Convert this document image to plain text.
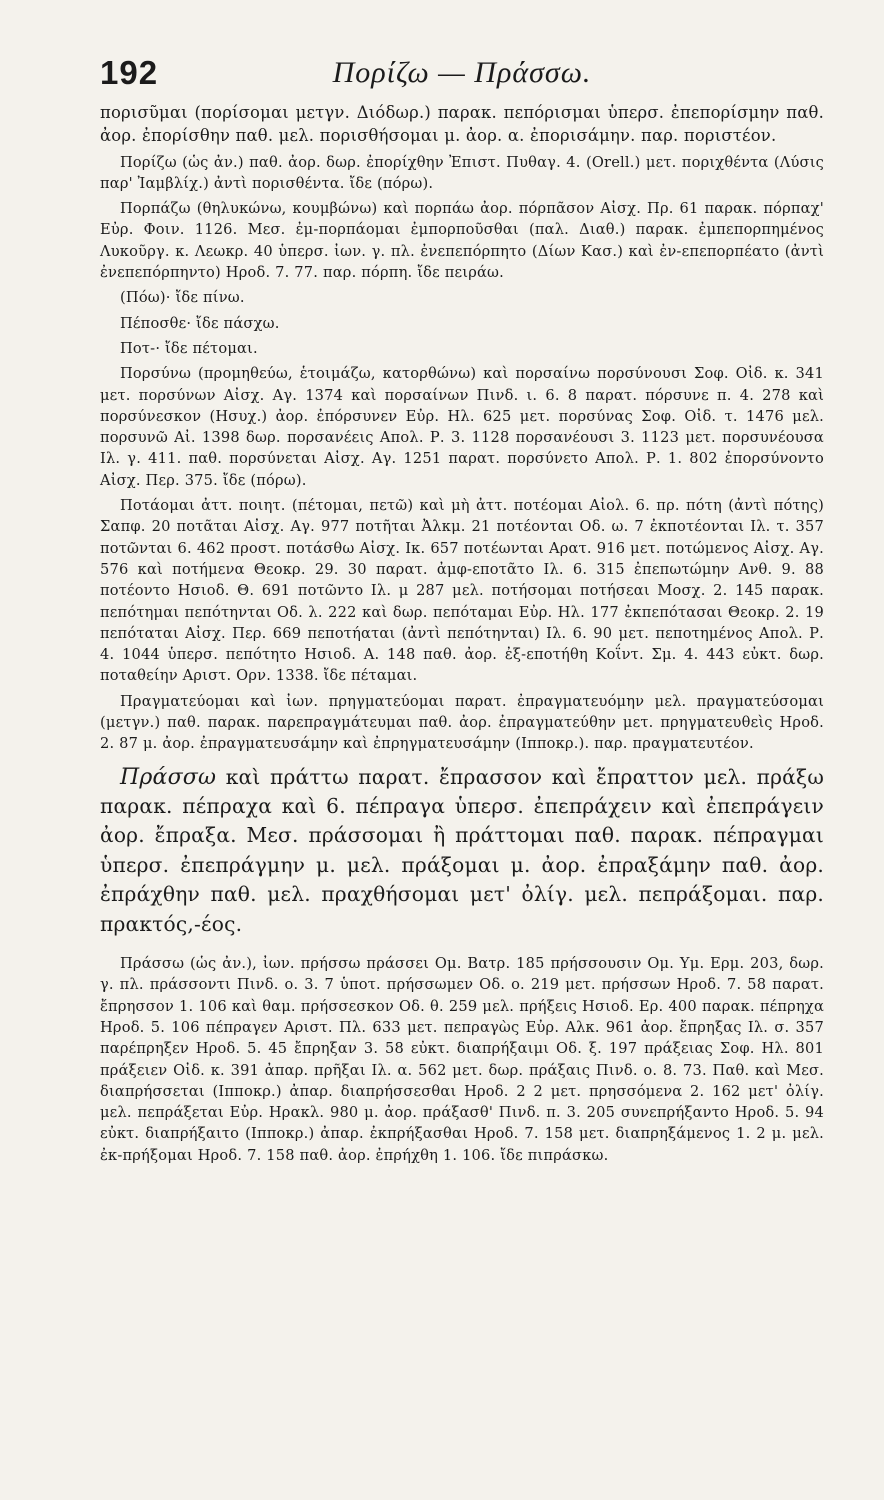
192	Πορίζω — Πράσσω.

πορισῦμαι (πορίσομαι μετγν. Διόδωρ.) παρακ. πεπόρισμαι ὑπερσ. ἐπεπορίσμην παθ. ἀορ. ἐπορίσθην παθ. μελ. πορισθήσομαι μ. ἀορ. α. ἐπορισάμην. παρ. ποριστέον.

Πορίζω (ὡς ἀν.) παθ. ἀορ. δωρ. ἐπορίχθην Ἐπιστ. Πυθαγ. 4. (Orell.) μετ. ποριχθέντα (Λύσις παρ' Ἰαμβλίχ.) ἀντὶ πορισθέντα. ἴδε (πόρω).

Πορπάζω (θηλυκώνω, κουμβώνω) καὶ πορπάω ἀορ. πόρπᾶσον Αἰσχ. Πρ. 61 παρακ. πόρπαχ' Εὐρ. Φοιν. 1126. Μεσ. ἐμ-πορπάομαι ἐμπορποῦσθαι (παλ. Διαθ.) παρακ. ἐμπεπορπημένος Λυκοῦργ. κ. Λεωκρ. 40 ὑπερσ. ἰων. γ. πλ. ἐνεπεπόρπητο (Δίων Κασ.) καὶ ἐν-επεπορπέατο (ἀντὶ ἐνεπεπόρπηντο) Ηροδ. 7. 77. παρ. πόρπη. ἴδε πειράω.

(Πόω)· ἴδε πίνω.

Πέποσθε· ἴδε πάσχω.

Ποτ-· ἴδε πέτομαι.

Πορσύνω (προμηθεύω, ἑτοιμάζω, κατορθώνω) καὶ πορσαίνω πορσύνουσι Σοφ. Οἰδ. κ. 341 μετ. πορσύνων Αἰσχ. Αγ. 1374 καὶ πορσαίνων Πινδ. ι. 6. 8 παρατ. πόρσυνε π. 4. 278 καὶ πορσύνεσκον (Ησυχ.) ἀορ. ἐπόρσυνεν Εὐρ. Ηλ. 625 μετ. πορσύνας Σοφ. Οἰδ. τ. 1476 μελ. πορσυνῶ Αἰ. 1398 δωρ. πορσανέεις Απολ. Ρ. 3. 1128 πορσανέουσι 3. 1123 μετ. πορσυνέουσα Ιλ. γ. 411. παθ. πορσύνεται Αἰσχ. Αγ. 1251 παρατ. πορσύνετο Απολ. Ρ. 1. 802 ἐπορσύνοντο Αἰσχ. Περ. 375. ἴδε (πόρω).

Ποτάομαι ἀττ. ποιητ. (πέτομαι, πετῶ) καὶ μὴ ἀττ. ποτέομαι Αἰολ. 6. πρ. πότη (ἀντὶ πότης) Σαπφ. 20 ποτᾶται Αἰσχ. Αγ. 977 ποτῆται Ἀλκμ. 21 ποτέονται Οδ. ω. 7 ἐκποτέονται Ιλ. τ. 357 ποτῶνται 6. 462 προστ. ποτάσθω Αἰσχ. Ικ. 657 ποτέωνται Αρατ. 916 μετ. ποτώμενος Αἰσχ. Αγ. 576 καὶ ποτήμενα Θεοκρ. 29. 30 παρατ. ἀμφ-εποτᾶτο Ιλ. 6. 315 ἐπεπωτώμην Ανθ. 9. 88 ποτέοντο Ησιοδ. Θ. 691 ποτῶντο Ιλ. μ 287 μελ. ποτήσομαι ποτήσεαι Μοσχ. 2. 145 παρακ. πεπότημαι πεπότηνται Οδ. λ. 222 καὶ δωρ. πεπόταμαι Εὐρ. Ηλ. 177 ἐκπεπότασαι Θεοκρ. 2. 19 πεπόταται Αἰσχ. Περ. 669 πεποτήαται (ἀντὶ πεπότηνται) Ιλ. 6. 90 μετ. πεποτημένος Απολ. Ρ. 4. 1044 ὑπερσ. πεπότητο Ησιοδ. Α. 148 παθ. ἀορ. ἐξ-εποτήθη Κοΐντ. Σμ. 4. 443 εὐκτ. δωρ. ποταθείην Αριστ. Ορν. 1338. ἴδε πέταμαι.

Πραγματεύομαι καὶ ἰων. πρηγματεύομαι παρατ. ἐπραγματευόμην μελ. πραγματεύσομαι (μετγν.) παθ. παρακ. παρεπραγμάτευμαι παθ. ἀορ. ἐπραγματεύθην μετ. πρηγματευθεὶς Ηροδ. 2. 87 μ. ἀορ. ἐπραγματευσάμην καὶ ἐπρηγματευσάμην (Ιπποκρ.). παρ. πραγματευτέον.

Πράσσω καὶ πράττω παρατ. ἔπρασσον καὶ ἔπραττον μελ. πράξω παρακ. πέπραχα καὶ 6. πέπραγα ὑπερσ. ἐπεπράχειν καὶ ἐπεπράγειν ἀορ. ἔπραξα. Μεσ. πράσσομαι ἢ πράττομαι παθ. παρακ. πέπραγμαι ὑπερσ. ἐπεπράγμην μ. μελ. πράξομαι μ. ἀορ. ἐπραξάμην παθ. ἀορ. ἐπράχθην παθ. μελ. πραχθήσομαι μετ' ὀλίγ. μελ. πεπράξομαι. παρ. πρακτός,-έος.

Πράσσω (ὡς ἀν.), ἰων. πρήσσω πράσσει Ομ. Βατρ. 185 πρήσσουσιν Ομ. Υμ. Ερμ. 203, δωρ. γ. πλ. πράσσοντι Πινδ. ο. 3. 7 ὑποτ. πρήσσωμεν Οδ. ο. 219 μετ. πρήσσων Ηροδ. 7. 58 παρατ. ἔπρησσον 1. 106 καὶ θαμ. πρήσσεσκον Οδ. θ. 259 μελ. πρήξεις Ησιοδ. Ερ. 400 παρακ. πέπρηχα Ηροδ. 5. 106 πέπραγεν Αριστ. Πλ. 633 μετ. πεπραγὼς Εὐρ. Αλκ. 961 ἀορ. ἔπρηξας Ιλ. σ. 357 παρέπρηξεν Ηροδ. 5. 45 ἔπρηξαν 3. 58 εὐκτ. διαπρήξαιμι Οδ. ξ. 197 πράξειας Σοφ. Ηλ. 801 πράξειεν Οἰδ. κ. 391 ἀπαρ. πρῆξαι Ιλ. α. 562 μετ. δωρ. πράξαις Πινδ. ο. 8. 73. Παθ. καὶ Μεσ. διαπρήσσεται (Ιπποκρ.) ἀπαρ. διαπρήσσεσθαι Ηροδ. 2 2 μετ. πρησσόμενα 2. 162 μετ' ὀλίγ. μελ. πεπράξεται Εὐρ. Ηρακλ. 980 μ. ἀορ. πράξασθ' Πινδ. π. 3. 205 συνεπρήξαντο Ηροδ. 5. 94 εὐκτ. διαπρήξαιτο (Ιπποκρ.) ἀπαρ. ἐκπρήξασθαι Ηροδ. 7. 158 μετ. διαπρηξάμενος 1. 2 μ. μελ. ἐκ-πρήξομαι Ηροδ. 7. 158 παθ. ἀορ. ἐπρήχθη 1. 106. ἴδε πιπράσκω.
